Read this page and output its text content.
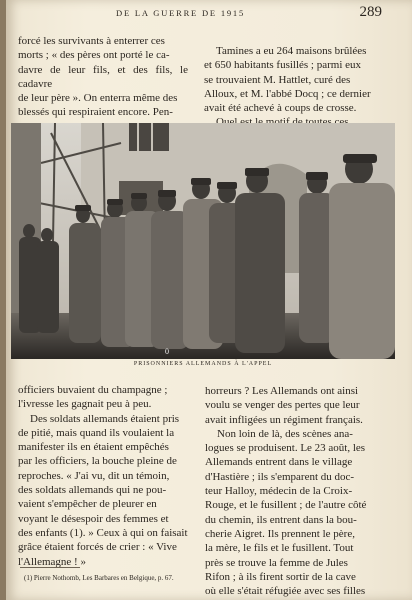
DE LA GUERRE DE 1915	289

forcé les survivants à enterrer ces

morts ; « des pères ont porté le ca-

davre de leur fils, et des fils, le cadavre

de leur père ». On enterra même des

blessés qui respiraient encore. Pen-

Tamines a eu 264 maisons brûlées

et 650 habitants fusillés ; parmi eux

se trouvaient M. Hattlet, curé des

Alloux, et M. l'abbé Docq ; ce dernier

avait été achevé à coups de crosse.

0
PRISONNIERS ALLEMANDS À L'APPEL

officiers buvaient du champagne ;

l'ivresse les gagnait peu à peu.

Des soldats allemands étaient pris

de pitié, mais quand ils voulaient la

manifester ils en étaient empêchés

par les officiers, la bouche pleine de

reproches. « J'ai vu, dit un témoin,

des soldats allemands qui ne pou-

vaient s'empêcher de pleurer en

voyant le désespoir des femmes et

des enfants (1). » Ceux à qui on faisait

grâce étaient forcés de crier : « Vive

l'Allemagne ! »

(1) Pierre Nothomb, Les Barbares en Belgique, p. 67.

horreurs ? Les Allemands ont ainsi

voulu se venger des pertes que leur

avait infligées un régiment français.

Non loin de là, des scènes ana-

logues se produisent. Le 23 août, les

Allemands entrent dans le village

d'Hastière ; ils s'emparent du doc-

teur Halloy, médecin de la Croix-

Rouge, et le fusillent ; de l'autre côté

du chemin, ils entrent dans la bou-

cherie Aigret. Ils prennent le père,

la mère, le fils et le fusillent. Tout

près se trouve la femme de Jules

Rifon ; à ils firent sortir de la cave

où elle s'était réfugiée avec ses filles
